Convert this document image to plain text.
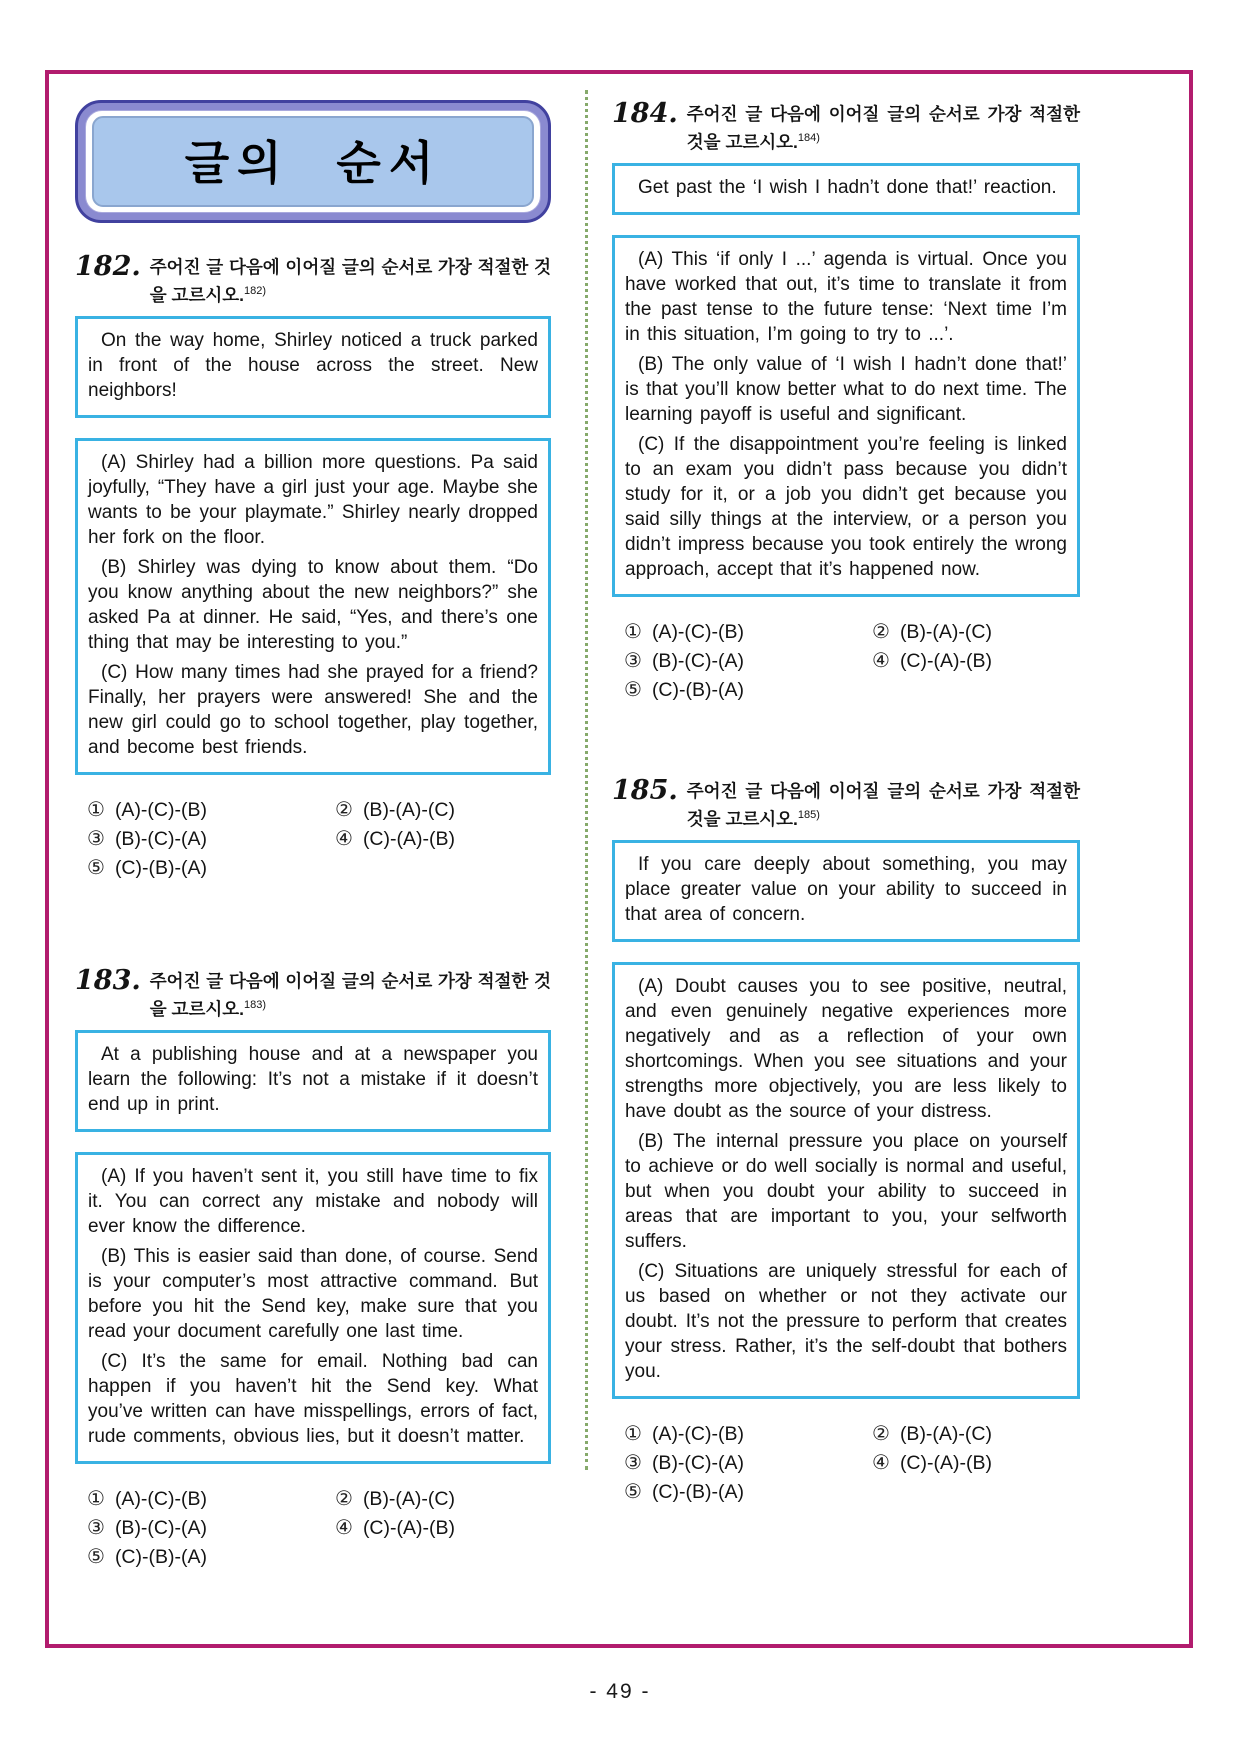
글의 순서
182. 주어진 글 다음에 이어질 글의 순서로 가장 적절한 것을 고르시오.$^{182)}$

On the way home, Shirley noticed a truck parked in front of the house across the street. New neighbors!

(A) Shirley had a billion more questions. Pa said joyfully, “They have a girl just your age. Maybe she wants to be your playmate.” Shirley nearly dropped her fork on the floor.

(B) Shirley was dying to know about them. “Do you know anything about the new neighbors?” she asked Pa at dinner. He said, “Yes, and there’s one thing that may be interesting to you.”

(C) How many times had she prayed for a friend? Finally, her prayers were answered! She and the new girl could go to school together, play together, and become best friends.

① (A)-(C)-(B)	② (B)-(A)-(C)
③ (B)-(C)-(A)	④ (C)-(A)-(B)
⑤ (C)-(B)-(A)
183. 주어진 글 다음에 이어질 글의 순서로 가장 적절한 것을 고르시오.$^{183)}$

At a publishing house and at a newspaper you learn the following: It’s not a mistake if it doesn’t end up in print.

(A) If you haven’t sent it, you still have time to fix it. You can correct any mistake and nobody will ever know the difference.

(B) This is easier said than done, of course. Send is your computer’s most attractive command. But before you hit the Send key, make sure that you read your document carefully one last time.

(C) It’s the same for email. Nothing bad can happen if you haven’t hit the Send key. What you’ve written can have misspellings, errors of fact, rude comments, obvious lies, but it doesn’t matter.

① (A)-(C)-(B)	② (B)-(A)-(C)
③ (B)-(C)-(A)	④ (C)-(A)-(B)
⑤ (C)-(B)-(A)
184. 주어진 글 다음에 이어질 글의 순서로 가장 적절한 것을 고르시오.$^{184)}$

Get past the ‘I wish I hadn’t done that!’ reaction.

(A) This ‘if only I ...’ agenda is virtual. Once you have worked that out, it’s time to translate it from the past tense to the future tense: ‘Next time I’m in this situation, I’m going to try to ...’.

(B) The only value of ‘I wish I hadn’t done that!’ is that you’ll know better what to do next time. The learning payoff is useful and significant.

(C) If the disappointment you’re feeling is linked to an exam you didn’t pass because you didn’t study for it, or a job you didn’t get because you said silly things at the interview, or a person you didn’t impress because you took entirely the wrong approach, accept that it’s happened now.

① (A)-(C)-(B)	② (B)-(A)-(C)
③ (B)-(C)-(A)	④ (C)-(A)-(B)
⑤ (C)-(B)-(A)
185. 주어진 글 다음에 이어질 글의 순서로 가장 적절한 것을 고르시오.$^{185)}$

If you care deeply about something, you may place greater value on your ability to succeed in that area of concern.

(A) Doubt causes you to see positive, neutral, and even genuinely negative experiences more negatively and as a reflection of your own shortcomings. When you see situations and your strengths more objectively, you are less likely to have doubt as the source of your distress.

(B) The internal pressure you place on yourself to achieve or do well socially is normal and useful, but when you doubt your ability to succeed in areas that are important to you, your selfworth suffers.

(C) Situations are uniquely stressful for each of us based on whether or not they activate our doubt. It’s not the pressure to perform that creates your stress. Rather, it’s the self-doubt that bothers you.

① (A)-(C)-(B)	② (B)-(A)-(C)
③ (B)-(C)-(A)	④ (C)-(A)-(B)
⑤ (C)-(B)-(A)
- 49 -
